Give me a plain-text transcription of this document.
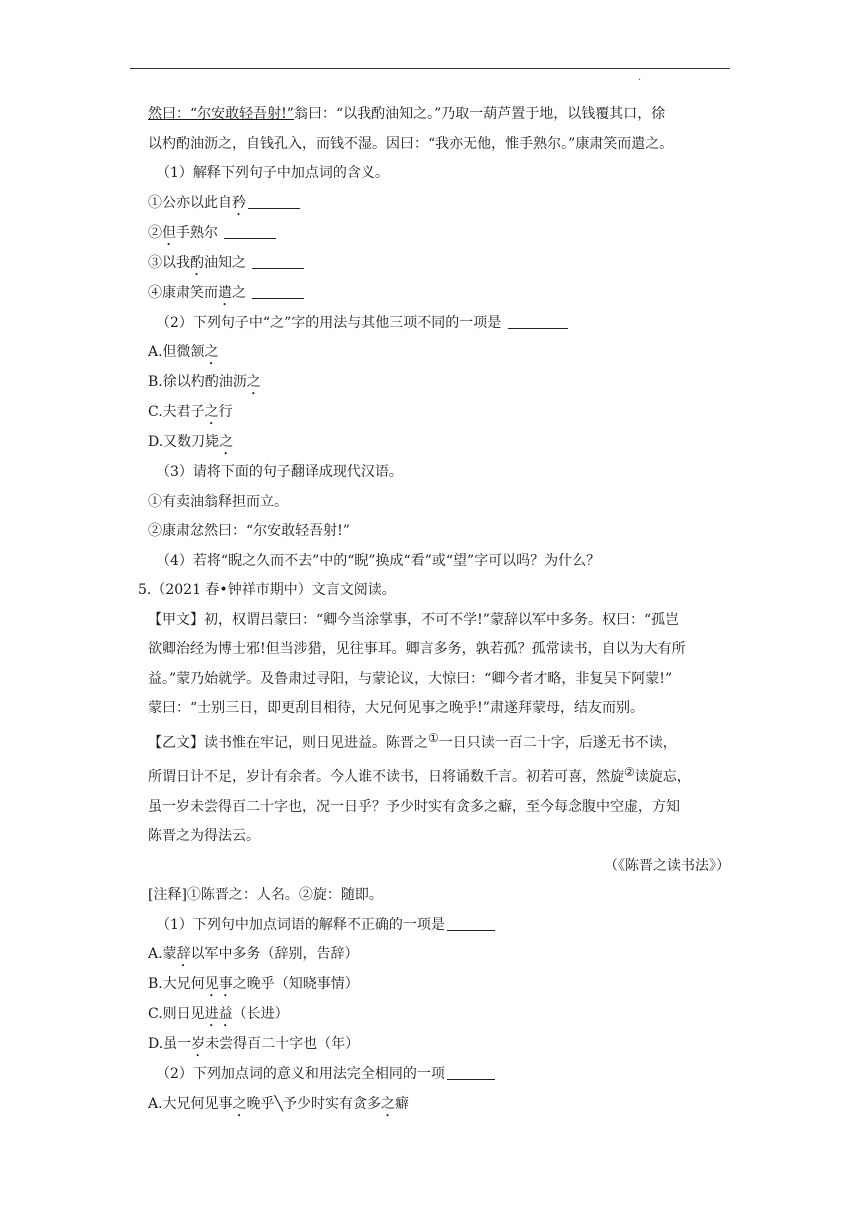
.
然曰：“尔安敢轻吾射!”翁曰：“以我酌油知之。”乃取一葫芦置于地，以钱覆其口，徐
以杓酌油沥之，自钱孔入，而钱不湿。因曰：“我亦无他，惟手熟尔。”康肃笑而遣之。
（1）解释下列句子中加点词的含义。
①公亦以此自矜
②但手熟尔
③以我酌油知之
④康肃笑而遣之
（2）下列句子中“之”字的用法与其他三项不同的一项是
A.但微颔之
B.徐以杓酌油沥之
C.夫君子之行
D.又数刀毙之
（3）请将下面的句子翻译成现代汉语。
①有卖油翁释担而立。
②康肃忿然曰：“尔安敢轻吾射!”
（4）若将“睨之久而不去”中的“睨”换成“看”或“望”字可以吗？为什么？
5.（2021 春•钟祥市期中）文言文阅读。
【甲文】初，权谓吕蒙曰：“卿今当涂掌事，不可不学!”蒙辞以军中多务。权曰：“孤岂
欲卿治经为博士邪!但当涉猎，见往事耳。卿言多务，孰若孤？孤常读书，自以为大有所
益。”蒙乃始就学。及鲁肃过寻阳，与蒙论议，大惊曰：“卿今者才略，非复吴下阿蒙!”
蒙曰：“士别三日，即更刮目相待，大兄何见事之晚乎!”肃遂拜蒙母，结友而别。
【乙文】读书惟在牢记，则日见进益。陈晋之①一日只读一百二十字，后遂无书不读，
所谓日计不足，岁计有余者。今人谁不读书，日将诵数千言。初若可喜，然旋②读旋忘，
虽一岁未尝得百二十字也，况一日乎？予少时实有贪多之癖，至今每念腹中空虚，方知
陈晋之为得法云。
（《陈晋之读书法》）
[注释]①陈晋之：人名。②旋：随即。
（1）下列句中加点词语的解释不正确的一项是
A.蒙辞以军中多务（辞别，告辞）
B.大兄何见事之晚乎（知晓事情）
C.则日见进益（长进）
D.虽一岁未尝得百二十字也（年）
（2）下列加点词的意义和用法完全相同的一项
A.大兄何见事之晚乎╲予少时实有贪多之癖
